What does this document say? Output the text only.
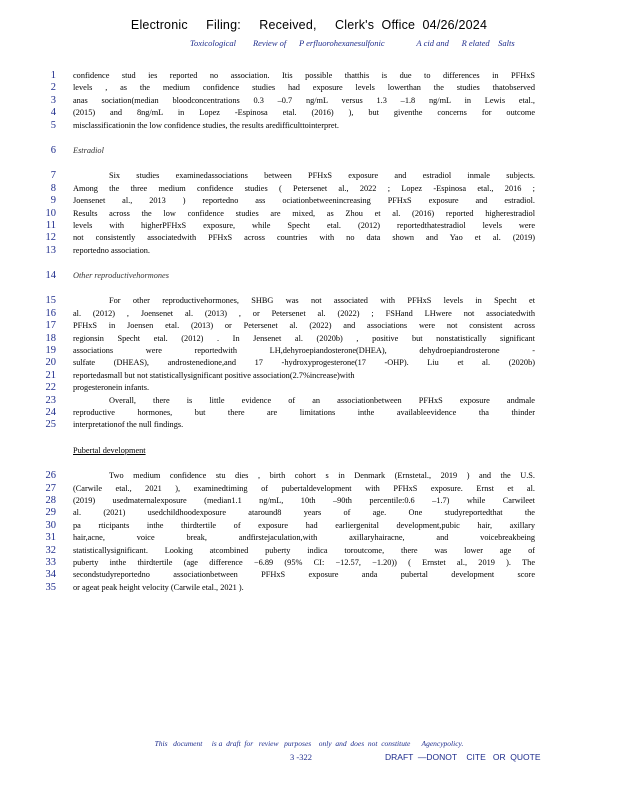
Electronic     Filing:     Received,     Clerk's  Office  04/26/2024
Toxicological        Review of      P erfluorohexanesulfonic               A cid and      R elated    Salts
1 confidence stud ies reported no association. Itis possible thatthis is due to differences in PFHxS
2 levels , as the medium confidence studies had exposure levels lowerthan the studies thatobserved
3 anas sociation(median bloodconcentrations 0.3 –0.7 ng/mL versus 1.3 –1.8 ng/mL in Lewis etal.,
4 (2015) and 8ng/mL in Lopez -Espinosa etal. (2016) ), but giventhe concerns for outcome
5 misclassificationin the low confidence studies, the results aredifficulttointerpret.
6 Estradiol
7	Six studies examinedassociations between PFHxS exposure and estradiol inmale subjects.
8 Among the three medium confidence studies ( Petersenet al., 2022 ; Lopez -Espinosa etal., 2016 ;
9 Joensenet al., 2013 ) reportedno ass ociationbetweenincreasing PFHxS exposure and estradiol.
10 Results across the low confidence studies are mixed, as Zhou et al. (2016) reported higherestradiol
11 levels with higherPFHxS exposure, while Specht etal. (2012) reportedthatestradiol levels were
12 not consistently associatedwith PFHxS across countries with no data shown and Yao et al. (2019)
13 reportedno association.
14 Other reproductivehormones
15	For other reproductivehormones, SHBG was not associated with PFHxS levels in Specht et
16 al. (2012) , Joensenet al. (2013) , or Petersenet al. (2022) ; FSHand LHwere not associatedwith
17 PFHxS in Joensen etal. (2013) or Petersenet al. (2022) and associations were not consistent across
18 regionsin Specht etal. (2012) . In Jensenet al. (2020b) , positive but nonstatistically significant
19 associations were reportedwith LH,dehyroepiandosterone(DHEA), dehydroepiandrosterone -
20 sulfate (DHEAS), androstenedione,and 17 -hydroxyprogesterone(17 -OHP). Liu et al. (2020b)
21 reportedasmall but not statisticallysignificant positive association(2.7%increase)with
22 progesteronein infants.
23	Overall, there is little evidence of an associationbetween PFHxS exposure andmale
24 reproductive hormones, but there are limitations inthe availableevidence tha thinder
25 interpretationof the null findings.
Pubertal development
26	Two medium confidence stu dies , birth cohort s in Denmark (Ernstetal., 2019 ) and the U.S.
27 (Carwile etal., 2021 ), examinedtiming of pubertaldevelopment with PFHxS exposure. Ernst et al.
28 (2019) usedmaternalexposure (median1.1 ng/mL, 10th –90th percentile:0.6 –1.7) while Carwileet
29 al. (2021) usedchildhoodexposure ataround8 years of age. One studyreportedthat the
30 pa rticipants inthe thirdtertile of exposure had earliergenital development,pubic hair, axillary
31 hair,acne, voice break, andfirstejaculation,with axillaryhairacne, and voicebreakbeing
32 statisticallysignificant. Looking atcombined puberty indica toroutcome, there was lower age of
33 puberty inthe thirdtertile (age difference −6.89 (95% CI: −12.57, −1.20)) ( Ernstet al., 2019 ). The
34 secondstudyreportedno associationbetween PFHxS exposure anda pubertal development score
35 or ageat peak height velocity (Carwile etal., 2021 ).
This   document     is a  draft  for   review   purposes    only  and  does  not  constitute      Agencypolicy.
3 -322	DRAFT  —DONOT    CITE   OR  QUOTE
